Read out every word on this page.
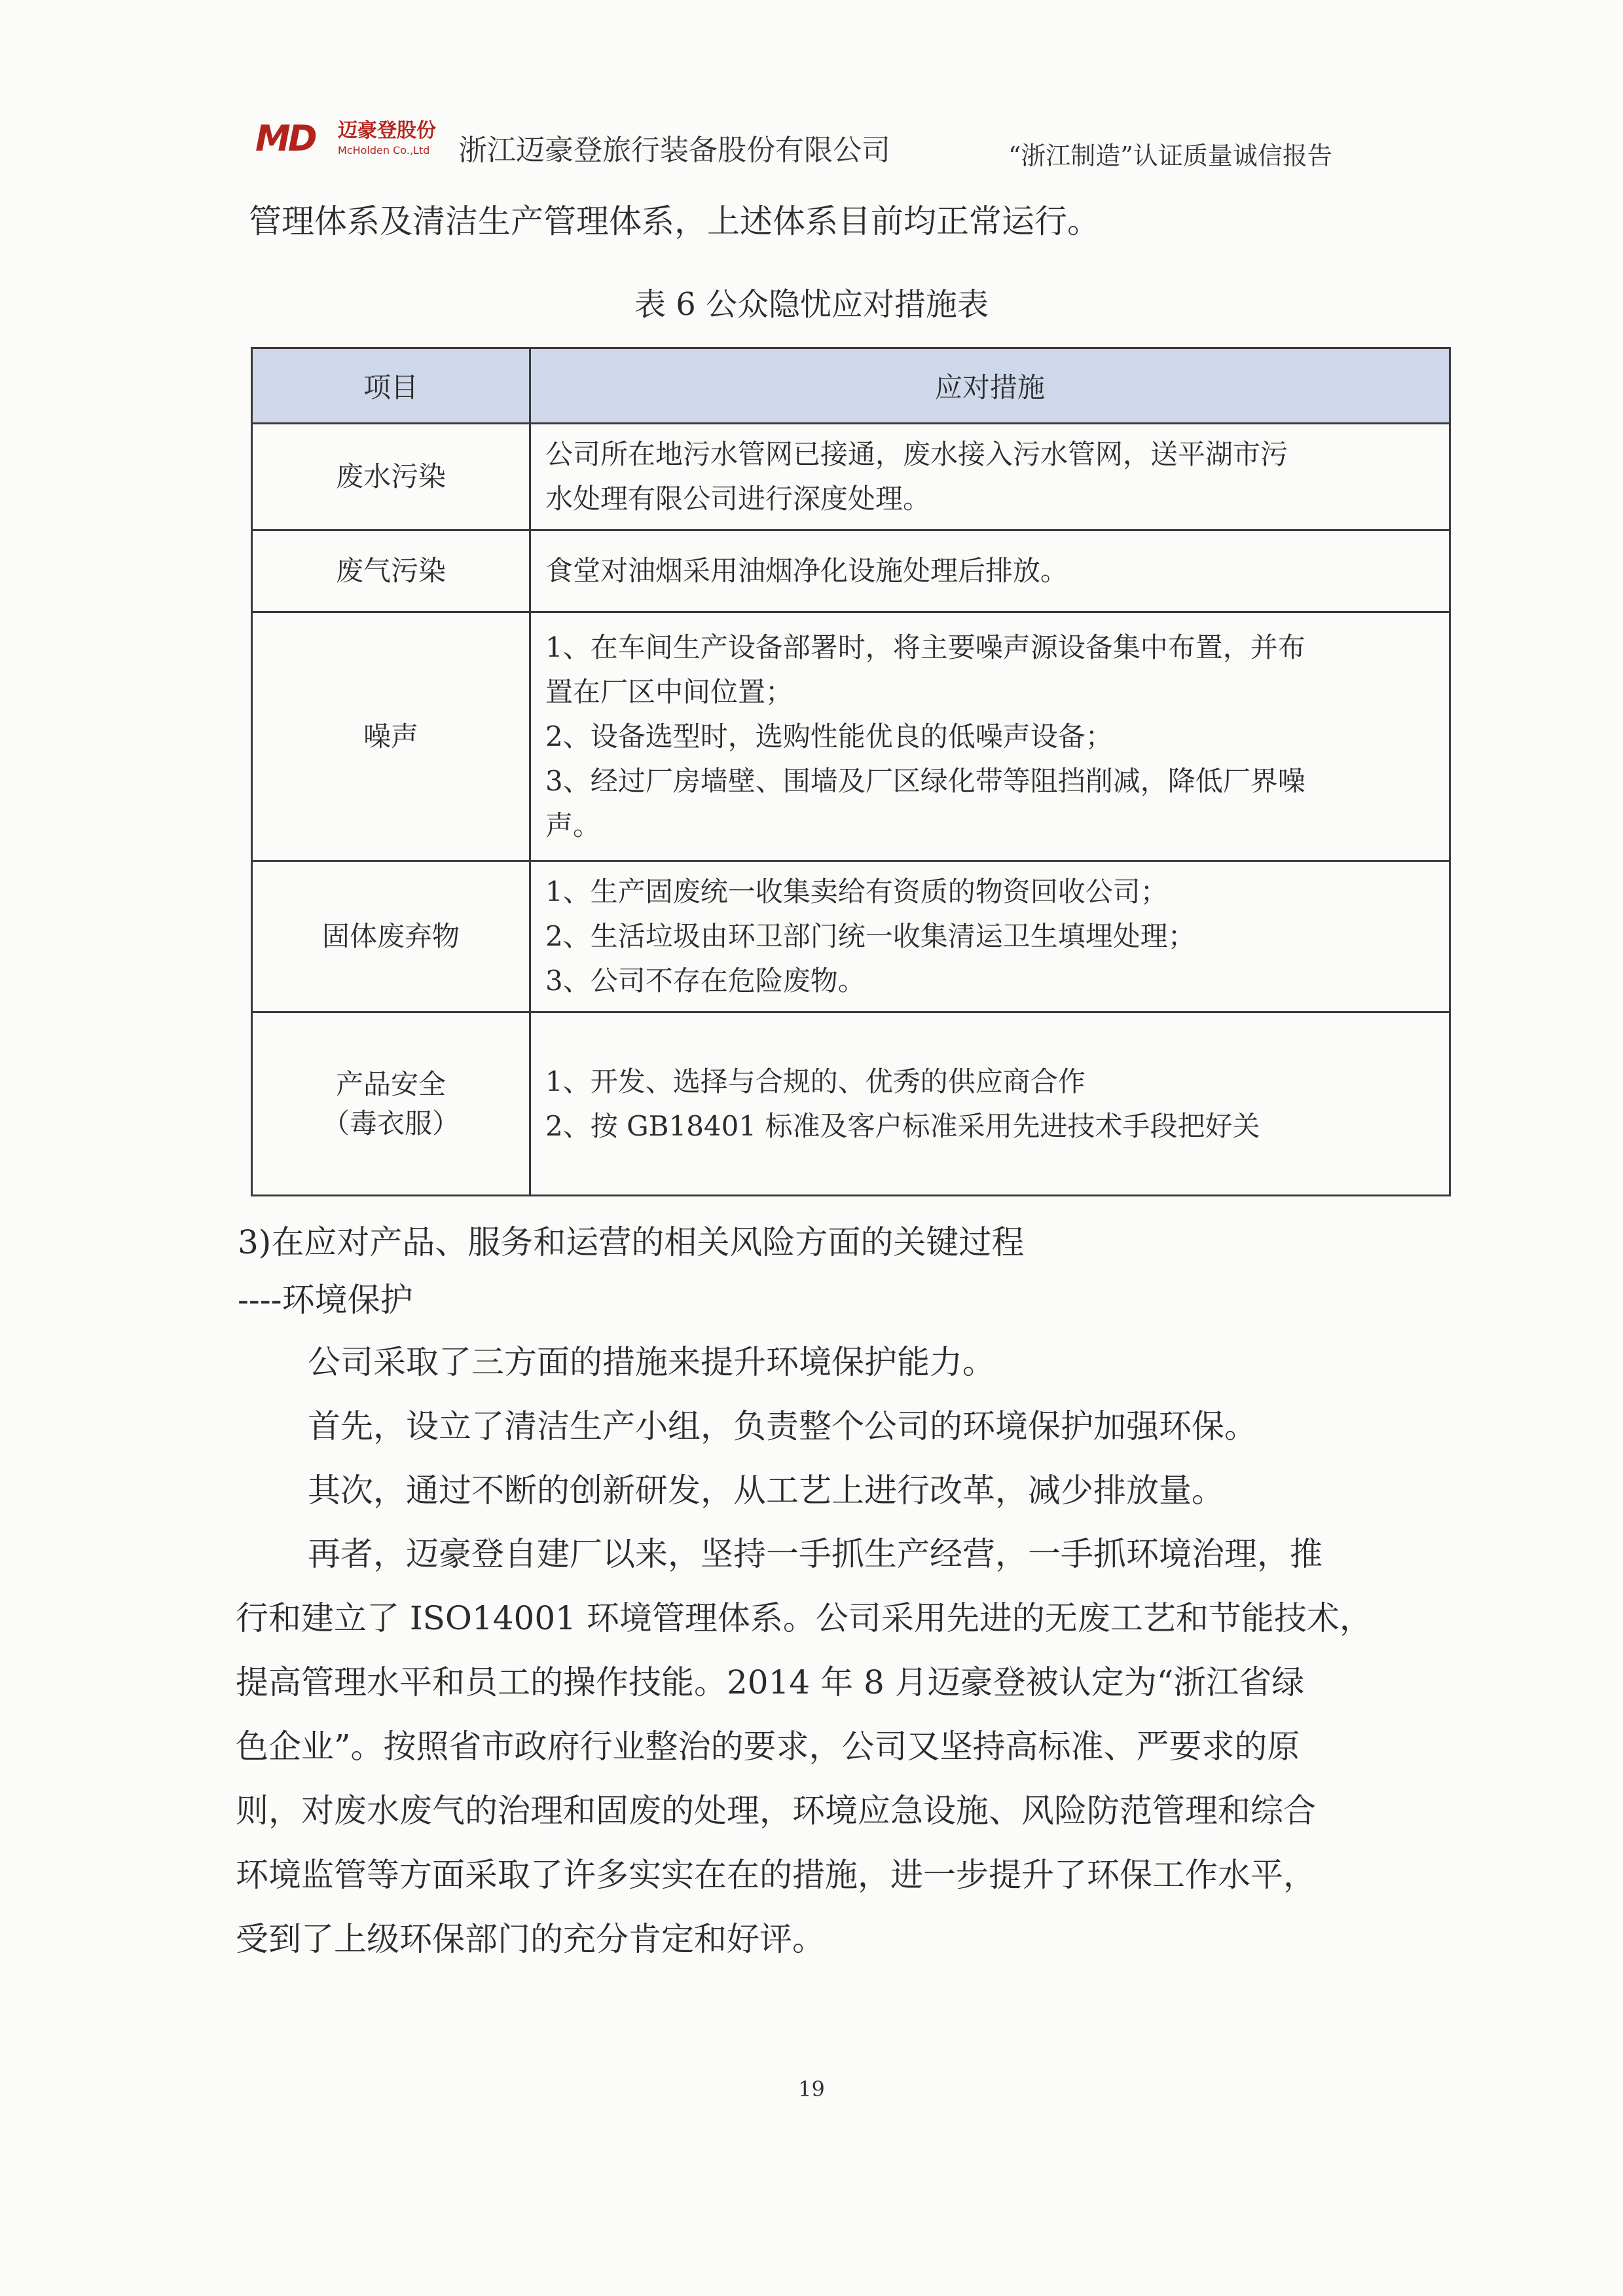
MD	迈豪登股份
McHolden Co.,Ltd 浙江迈豪登旅行装备股份有限公司	“浙江制造”认证质量诚信报告
管理体系及清洁生产管理体系，上述体系目前均正常运行。
表 6 公众隐忧应对措施表
项目	应对措施

废水污染	公司所在地污水管网已接通，废水接入污水管网，送平湖市污
水处理有限公司进行深度处理。

废气污染	食堂对油烟采用油烟净化设施处理后排放。

噪声	1、在车间生产设备部署时，将主要噪声源设备集中布置，并布
置在厂区中间位置；
2、设备选型时，选购性能优良的低噪声设备；
3、经过厂房墙壁、围墙及厂区绿化带等阻挡削减，降低厂界噪
声。

固体废弃物	1、生产固废统一收集卖给有资质的物资回收公司；
2、生活垃圾由环卫部门统一收集清运卫生填埋处理；
3、公司不存在危险废物。

产品安全
（毒衣服）	1、开发、选择与合规的、优秀的供应商合作
2、按 GB18401 标准及客户标准采用先进技术手段把好关
3)在应对产品、服务和运营的相关风险方面的关键过程
----环境保护
公司采取了三方面的措施来提升环境保护能力。
首先，设立了清洁生产小组，负责整个公司的环境保护加强环保。
其次，通过不断的创新研发，从工艺上进行改革，减少排放量。
再者，迈豪登自建厂以来，坚持一手抓生产经营，一手抓环境治理，推
行和建立了 ISO14001 环境管理体系。公司采用先进的无废工艺和节能技术，
提高管理水平和员工的操作技能。2014 年 8 月迈豪登被认定为“浙江省绿
色企业”。按照省市政府行业整治的要求，公司又坚持高标准、严要求的原
则，对废水废气的治理和固废的处理，环境应急设施、风险防范管理和综合
环境监管等方面采取了许多实实在在的措施，进一步提升了环保工作水平，
受到了上级环保部门的充分肯定和好评。
19
